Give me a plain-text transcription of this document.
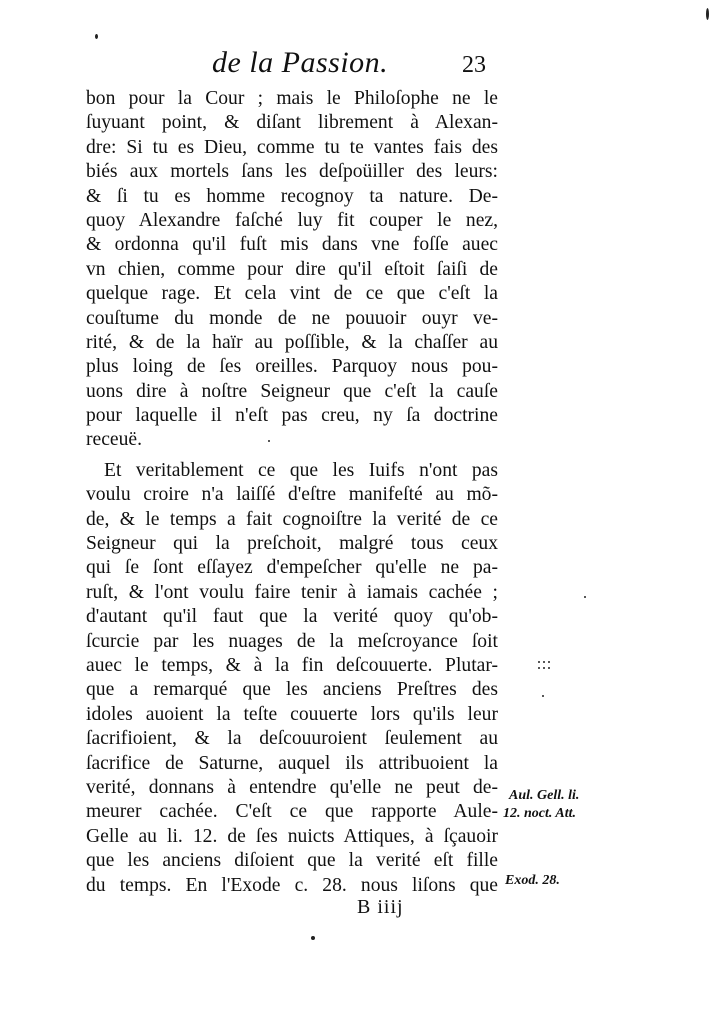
de la Passion.	23
bon pour la Cour ; mais le Philoſophe ne le
ſuyuant point, & diſant librement à Alexan-
dre: Si tu es Dieu, comme tu te vantes fais des
biés aux mortels ſans les deſpoüiller des leurs:
& ſi tu es homme recognoy ta nature. De-
quoy Alexandre faſché luy fit couper le nez,
& ordonna qu'il fuſt mis dans vne foſſe auec
vn chien, comme pour dire qu'il eſtoit ſaiſi de
quelque rage. Et cela vint de ce que c'eſt la
couſtume du monde de ne pouuoir ouyr ve-
rité, & de la haïr au poſſible, & la chaſſer au
plus loing de ſes oreilles. Parquoy nous pou-
uons dire à noſtre Seigneur que c'eſt la cauſe
pour laquelle il n'eſt pas creu, ny ſa doctrine
receuë.
Et veritablement ce que les Iuifs n'ont pas
voulu croire n'a laiſſé d'eſtre manifeſté au mõ-
de, & le temps a fait cognoiſtre la verité de ce
Seigneur qui la preſchoit, malgré tous ceux
qui ſe ſont eſſayez d'empeſcher qu'elle ne pa-
ruſt, & l'ont voulu faire tenir à iamais cachée ;
d'autant qu'il faut que la verité quoy qu'ob-
ſcurcie par les nuages de la meſcroyance ſoit
auec le temps, & à la fin deſcouuerte. Plutar-
que a remarqué que les anciens Preſtres des
idoles auoient la teſte couuerte lors qu'ils leur
ſacrifioient, & la deſcouuroient ſeulement au
ſacrifice de Saturne, auquel ils attribuoient la
verité, donnans à entendre qu'elle ne peut de-
meurer cachée. C'eſt ce que rapporte Aule-
Gelle au li. 12. de ſes nuicts Attiques, à ſçauoir
que les anciens diſoient que la verité eſt fille
du temps. En l'Exode c. 28. nous liſons que
Aul. Gell. li.
12. noct. Att.
Exod. 28.
B iiij
